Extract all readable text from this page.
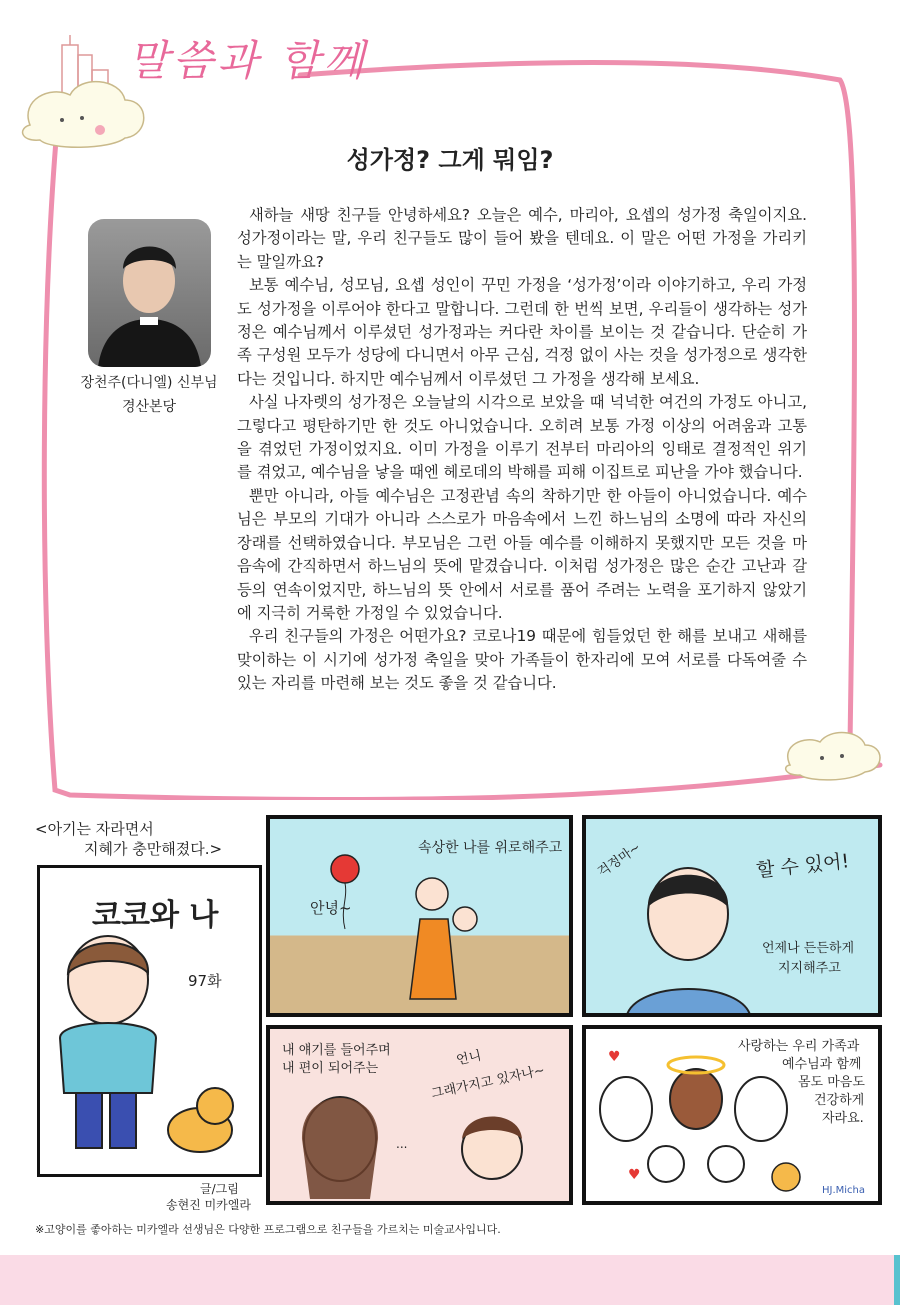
말씀과 함께
성가정? 그게 뭐임?
장천주(다니엘) 신부님
경산본당

새하늘 새땅 친구들 안녕하세요? 오늘은 예수, 마리아, 요셉의 성가정 축일이지요. 성가정이라는 말, 우리 친구들도 많이 들어 봤을 텐데요. 이 말은 어떤 가정을 가리키는 말일까요?

보통 예수님, 성모님, 요셉 성인이 꾸민 가정을 ‘성가정’이라 이야기하고, 우리 가정도 성가정을 이루어야 한다고 말합니다. 그런데 한 번씩 보면, 우리들이 생각하는 성가정은 예수님께서 이루셨던 성가정과는 커다란 차이를 보이는 것 같습니다. 단순히 가족 구성원 모두가 성당에 다니면서 아무 근심, 걱정 없이 사는 것을 성가정으로 생각한다는 것입니다. 하지만 예수님께서 이루셨던 그 가정을 생각해 보세요.

사실 나자렛의 성가정은 오늘날의 시각으로 보았을 때 넉넉한 여건의 가정도 아니고, 그렇다고 평탄하기만 한 것도 아니었습니다. 오히려 보통 가정 이상의 어려움과 고통을 겪었던 가정이었지요. 이미 가정을 이루기 전부터 마리아의 잉태로 결정적인 위기를 겪었고, 예수님을 낳을 때엔 헤로데의 박해를 피해 이집트로 피난을 가야 했습니다.

뿐만 아니라, 아들 예수님은 고정관념 속의 착하기만 한 아들이 아니었습니다. 예수님은 부모의 기대가 아니라 스스로가 마음속에서 느낀 하느님의 소명에 따라 자신의 장래를 선택하였습니다. 부모님은 그런 아들 예수를 이해하지 못했지만 모든 것을 마음속에 간직하면서 하느님의 뜻에 맡겼습니다. 이처럼 성가정은 많은 순간 고난과 갈등의 연속이었지만, 하느님의 뜻 안에서 서로를 품어 주려는 노력을 포기하지 않았기에 지극히 거룩한 가정일 수 있었습니다.

우리 친구들의 가정은 어떤가요? 코로나19 때문에 힘들었던 한 해를 보내고 새해를 맞이하는 이 시기에 성가정 축일을 맞아 가족들이 한자리에 모여 서로를 다독여줄 수 있는 자리를 마련해 보는 것도 좋을 것 같습니다.

<아기는 자라면서
지혜가 충만해졌다.>
코코와 나
97화
글/그림
송현진 미카엘라
속상한 나를 위로해주고
안녕~
걱정마~	할 수 있어!
언제나 든든하게
지지해주고
내 얘기를 들어주며
내 편이 되어주는
언니
그래가지고 있자나~
...
사랑하는 우리 가족과
예수님과 함께
몸도 마음도
건강하게
자라요.
HJ.Micha
♥
♥
※고양이를 좋아하는 미카엘라 선생님은 다양한 프로그램으로 친구들을 가르치는 미술교사입니다.
